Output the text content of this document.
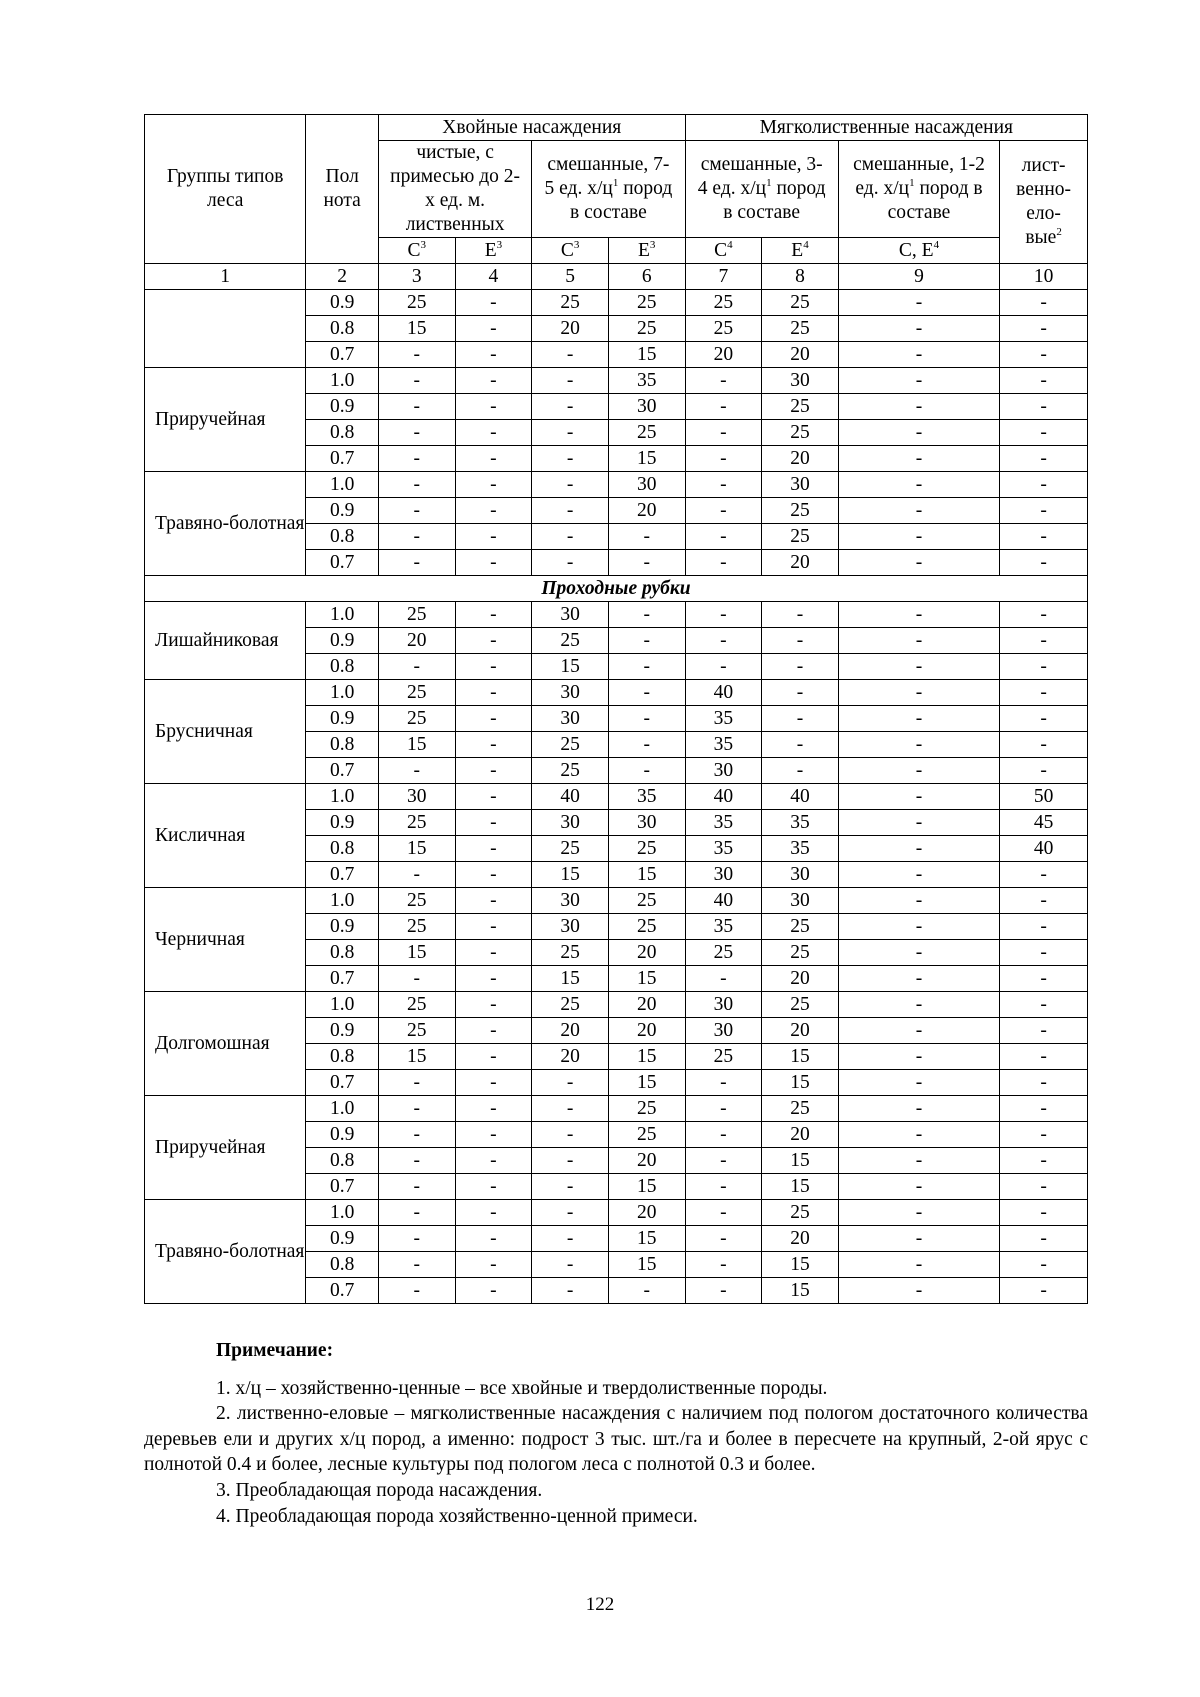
Группы типов леса	Пол нота	Хвойные насаждения				Мягколиственные насаждения			
		чистые, с примесью до 2-х ед. м. лиственных		смешанные, 7-5 ед. $х/ц^1$ пород в составе		смешанные, 3-4 ед. $х/ц^1$ пород в составе		смешанные, 1-2 ед. $х/ц^1$ пород в составе	лист-венно-ело-вые$^2$
		$С^3$	$Е^3$	$С^3$	$Е^3$	$С^4$	$Е^4$	С, $Е^4$
1	2	3	4	5	6	7	8	9	10
	0.9	25	-	25	25	25	25	-	-
	0.8	15	-	20	25	25	25	-	-
	0.7	-	-	-	15	20	20	-	-
Приручейная	1.0	-	-	-	35	-	30	-	-
	0.9	-	-	-	30	-	25	-	-
	0.8	-	-	-	25	-	25	-	-
	0.7	-	-	-	15	-	20	-	-
Травяно-болотная	1.0	-	-	-	30	-	30	-	-
	0.9	-	-	-	20	-	25	-	-
	0.8	-	-	-	-	-	25	-	-
	0.7	-	-	-	-	-	20	-	-
Проходные рубки									
Лишайниковая	1.0	25	-	30	-	-	-	-	-
	0.9	20	-	25	-	-	-	-	-
	0.8	-	-	15	-	-	-	-	-
Брусничная	1.0	25	-	30	-	40	-	-	-
	0.9	25	-	30	-	35	-	-	-
	0.8	15	-	25	-	35	-	-	-
	0.7	-	-	25	-	30	-	-	-
Кисличная	1.0	30	-	40	35	40	40	-	50
	0.9	25	-	30	30	35	35	-	45
	0.8	15	-	25	25	35	35	-	40
	0.7	-	-	15	15	30	30	-	-
Черничная	1.0	25	-	30	25	40	30	-	-
	0.9	25	-	30	25	35	25	-	-
	0.8	15	-	25	20	25	25	-	-
	0.7	-	-	15	15	-	20	-	-
Долгомошная	1.0	25	-	25	20	30	25	-	-
	0.9	25	-	20	20	30	20	-	-
	0.8	15	-	20	15	25	15	-	-
	0.7	-	-	-	15	-	15	-	-
Приручейная	1.0	-	-	-	25	-	25	-	-
	0.9	-	-	-	25	-	20	-	-
	0.8	-	-	-	20	-	15	-	-
	0.7	-	-	-	15	-	15	-	-
Травяно-болотная	1.0	-	-	-	20	-	25	-	-
	0.9	-	-	-	15	-	20	-	-
	0.8	-	-	-	15	-	15	-	-
	0.7	-	-	-	-	-	15	-	-
Примечание:

1. х/ц – хозяйственно-ценные – все хвойные и твердолиственные породы.

2. лиственно-еловые – мягколиственные насаждения с наличием под пологом достаточного количества деревьев ели и других х/ц пород, а именно: подрост 3 тыс. шт./га и более в пересчете на крупный, 2-ой ярус с полнотой 0.4 и более, лесные культуры под пологом леса с полнотой 0.3 и более.

3. Преобладающая порода насаждения.

4. Преобладающая порода хозяйственно-ценной примеси.

122
